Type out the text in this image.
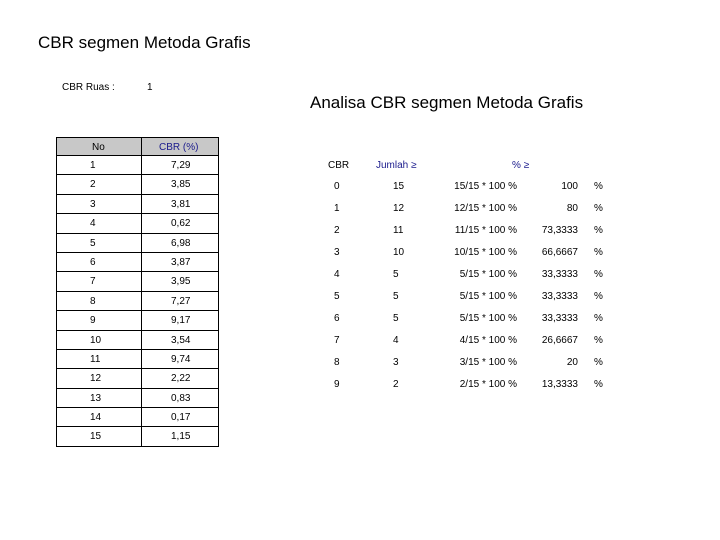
CBR segmen Metoda Grafis
CBR Ruas :	1
Analisa CBR segmen Metoda Grafis
No	CBR (%)
1	7,29
2	3,85
3	3,81
4	0,62
5	6,98
6	3,87
7	3,95
8	7,27
9	9,17
10	3,54
11	9,74
12	2,22
13	0,83
14	0,17
15	1,15
CBR	Jumlah ≥	% ≥
0	15	15/15 * 100 %	100 %
1	12	12/15 * 100 %	80 %
2	11	11/15 * 100 %	73,3333 %
3	10	10/15 * 100 %	66,6667 %
4	5	5/15 * 100 %	33,3333 %
5	5	5/15 * 100 %	33,3333 %
6	5	5/15 * 100 %	33,3333 %
7	4	4/15 * 100 %	26,6667 %
8	3	3/15 * 100 %	20 %
9	2	2/15 * 100 %	13,3333 %
